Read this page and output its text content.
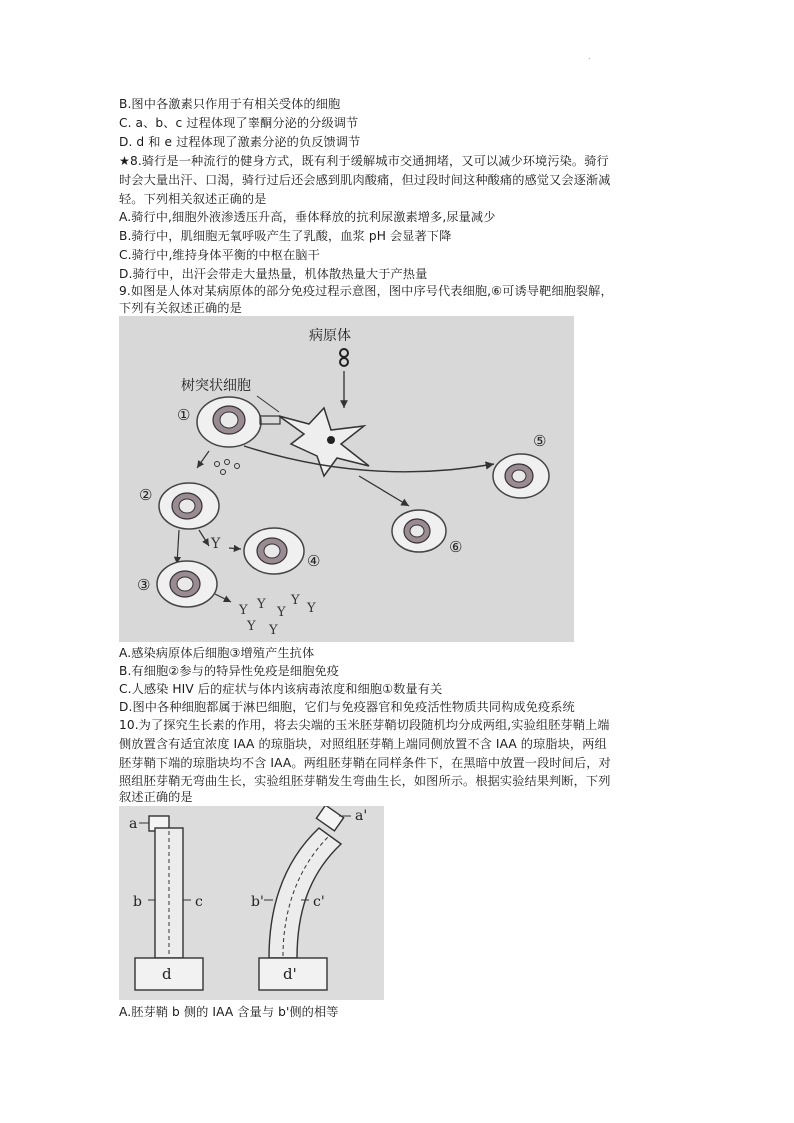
.
B.图中各激素只作用于有相关受体的细胞
C. a、b、c 过程体现了睾酮分泌的分级调节
D. d 和 e 过程体现了激素分泌的负反馈调节
★8.骑行是一种流行的健身方式，既有利于缓解城市交通拥堵，又可以减少环境污染。骑行
时会大量出汗、口渴，骑行过后还会感到肌肉酸痛，但过段时间这种酸痛的感觉又会逐渐减
轻。下列相关叙述正确的是
A.骑行中,细胞外液渗透压升高，垂体释放的抗利尿激素增多,尿量减少
B.骑行中，肌细胞无氧呼吸产生了乳酸，血浆 pH 会显著下降
C.骑行中,维持身体平衡的中枢在脑干
D.骑行中，出汗会带走大量热量，机体散热量大于产热量
9.如图是人体对某病原体的部分免疫过程示意图，图中序号代表细胞,⑥可诱导靶细胞裂解，
下列有关叙述正确的是
病原体
树突状细胞
①
②
Y
④
③
Y Y
Y
Y
Y
Y Y
⑥
⑤
A.感染病原体后细胞③增殖产生抗体
B.有细胞②参与的特异性免疫是细胞免疫
C.人感染 HIV 后的症状与体内该病毒浓度和细胞①数量有关
D.图中各种细胞都属于淋巴细胞，它们与免疫器官和免疫活性物质共同构成免疫系统
10.为了探究生长素的作用，将去尖端的玉米胚芽鞘切段随机均分成两组,实验组胚芽鞘上端
侧放置含有适宜浓度 IAA 的琼脂块，对照组胚芽鞘上端同侧放置不含 IAA 的琼脂块，两组
胚芽鞘下端的琼脂块均不含 IAA。两组胚芽鞘在同样条件下，在黑暗中放置一段时间后，对
照组胚芽鞘无弯曲生长，实验组胚芽鞘发生弯曲生长，如图所示。根据实验结果判断，下列
叙述正确的是
a
b	c
d
a'
b'	c'
d'
A.胚芽鞘 b 侧的 IAA 含量与 b'侧的相等
